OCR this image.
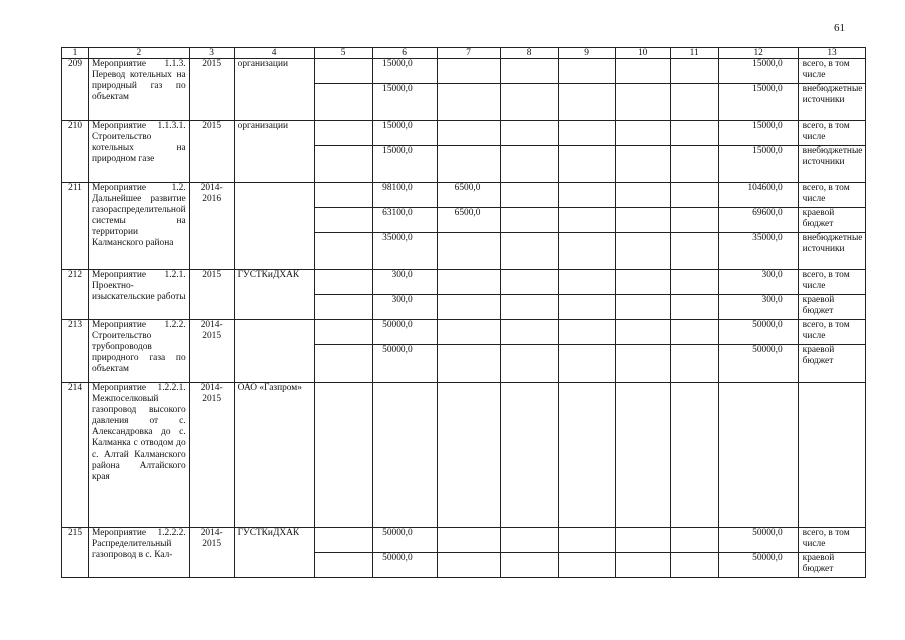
61
1	2	3	4	5	6	7	8	9	10	11	12	13
209	Мероприятие 1.1.3. Перевод котельных на природный газ по объектам	2015	организации		15000,0						15000,0	всего, в том числе
					15000,0						15000,0	внебюджетные источники
210	Мероприятие 1.1.3.1. Строительство котельных на природном газе	2015	организации		15000,0						15000,0	всего, в том числе
					15000,0						15000,0	внебюджетные источники
211	Мероприятие 1.2. Дальнейшее развитие газораспределительной системы на территории Калманского района	2014-2016			98100,0	6500,0					104600,0	всего, в том числе
					63100,0	6500,0					69600,0	краевой бюджет
					35000,0						35000,0	внебюджетные источники
212	Мероприятие 1.2.1. Проектно-изыскательские работы	2015	ГУСТКиДХАК		300,0						300,0	всего, в том числе
					300,0						300,0	краевой бюджет
213	Мероприятие 1.2.2. Строительство трубопроводов природного газа по объектам	2014-2015			50000,0						50000,0	всего, в том числе
					50000,0						50000,0	краевой бюджет
214	Мероприятие 1.2.2.1. Межпоселковый газопровод высокого давления от с. Александровка до с. Калманка с отводом до с. Алтай Калманского района Алтайского края	2014-2015	ОАО «Газпром»									
215	Мероприятие 1.2.2.2. Распределительный газопровод в с. Кал-	2014-2015	ГУСТКиДХАК		50000,0						50000,0	всего, в том числе
					50000,0						50000,0	краевой бюджет
